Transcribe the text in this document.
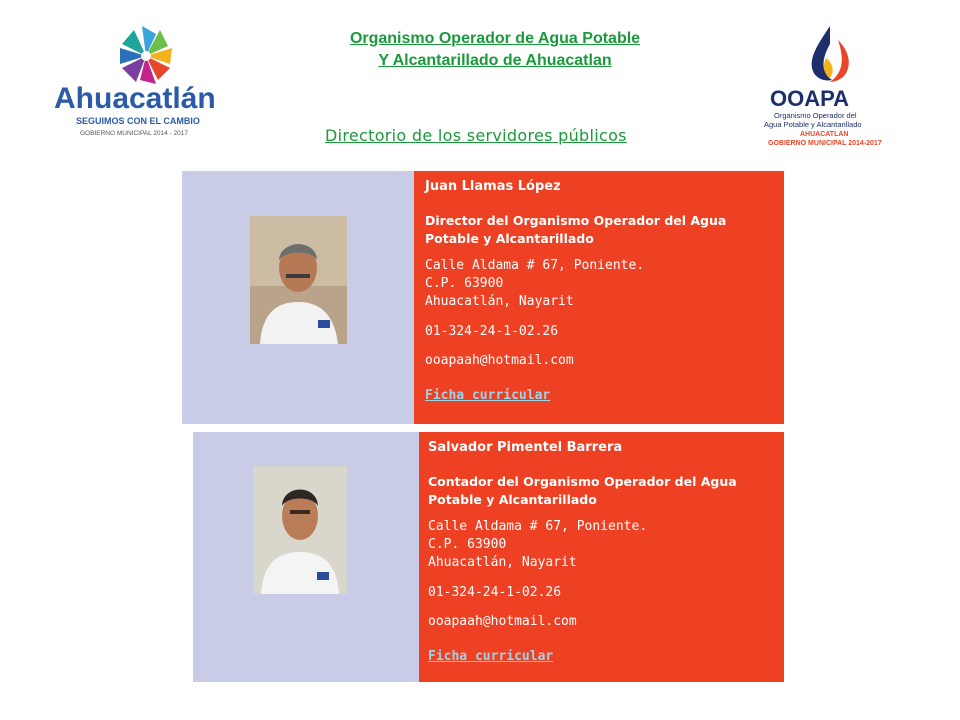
Ahuacatlán
SEGUIMOS CON EL CAMBIO
GOBIERNO MUNICIPAL 2014 - 2017
OOAPA
Organismo Operador del
Agua Potable y Alcantarillado
AHUACATLAN
GOBIERNO MUNICIPAL 2014-2017
Organismo Operador de Agua Potable
Y Alcantarillado de Ahuacatlan
Directorio de los servidores públicos
Juan Llamas López
Director del Organismo Operador del Agua Potable y Alcantarillado
Calle Aldama # 67, Poniente.
C.P. 63900
Ahuacatlán, Nayarit
01-324-24-1-02.26
ooapaah@hotmail.com
Ficha curricular
Salvador Pimentel Barrera
Contador del Organismo Operador del Agua Potable y Alcantarillado
Calle Aldama # 67, Poniente.
C.P. 63900
Ahuacatlán, Nayarit
01-324-24-1-02.26
ooapaah@hotmail.com
Ficha curricular
